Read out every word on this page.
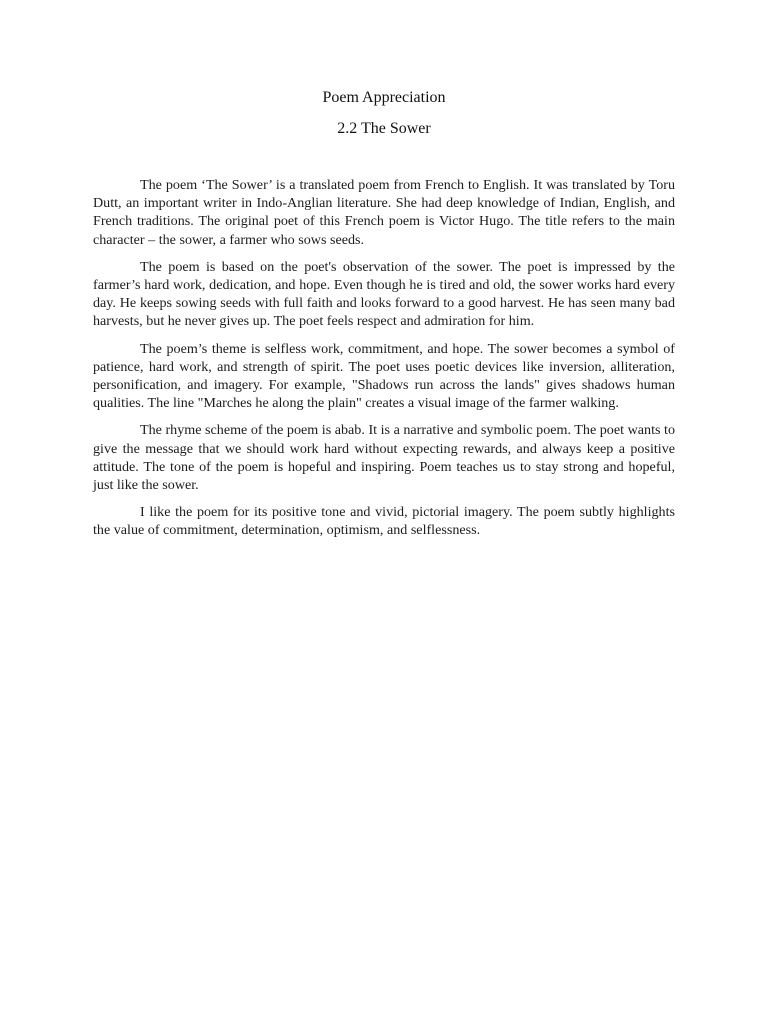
Poem Appreciation
2.2 The Sower

The poem ‘The Sower’ is a translated poem from French to English. It was translated by Toru Dutt, an important writer in Indo-Anglian literature. She had deep knowledge of Indian, English, and French traditions. The original poet of this French poem is Victor Hugo. The title refers to the main character – the sower, a farmer who sows seeds.

The poem is based on the poet's observation of the sower. The poet is impressed by the farmer’s hard work, dedication, and hope. Even though he is tired and old, the sower works hard every day. He keeps sowing seeds with full faith and looks forward to a good harvest. He has seen many bad harvests, but he never gives up. The poet feels respect and admiration for him.

The poem’s theme is selfless work, commitment, and hope. The sower becomes a symbol of patience, hard work, and strength of spirit. The poet uses poetic devices like inversion, alliteration, personification, and imagery. For example, "Shadows run across the lands" gives shadows human qualities. The line "Marches he along the plain" creates a visual image of the farmer walking.

The rhyme scheme of the poem is abab. It is a narrative and symbolic poem. The poet wants to give the message that we should work hard without expecting rewards, and always keep a positive attitude. The tone of the poem is hopeful and inspiring. Poem teaches us to stay strong and hopeful, just like the sower.

I like the poem for its positive tone and vivid, pictorial imagery. The poem subtly highlights the value of commitment, determination, optimism, and selflessness.
